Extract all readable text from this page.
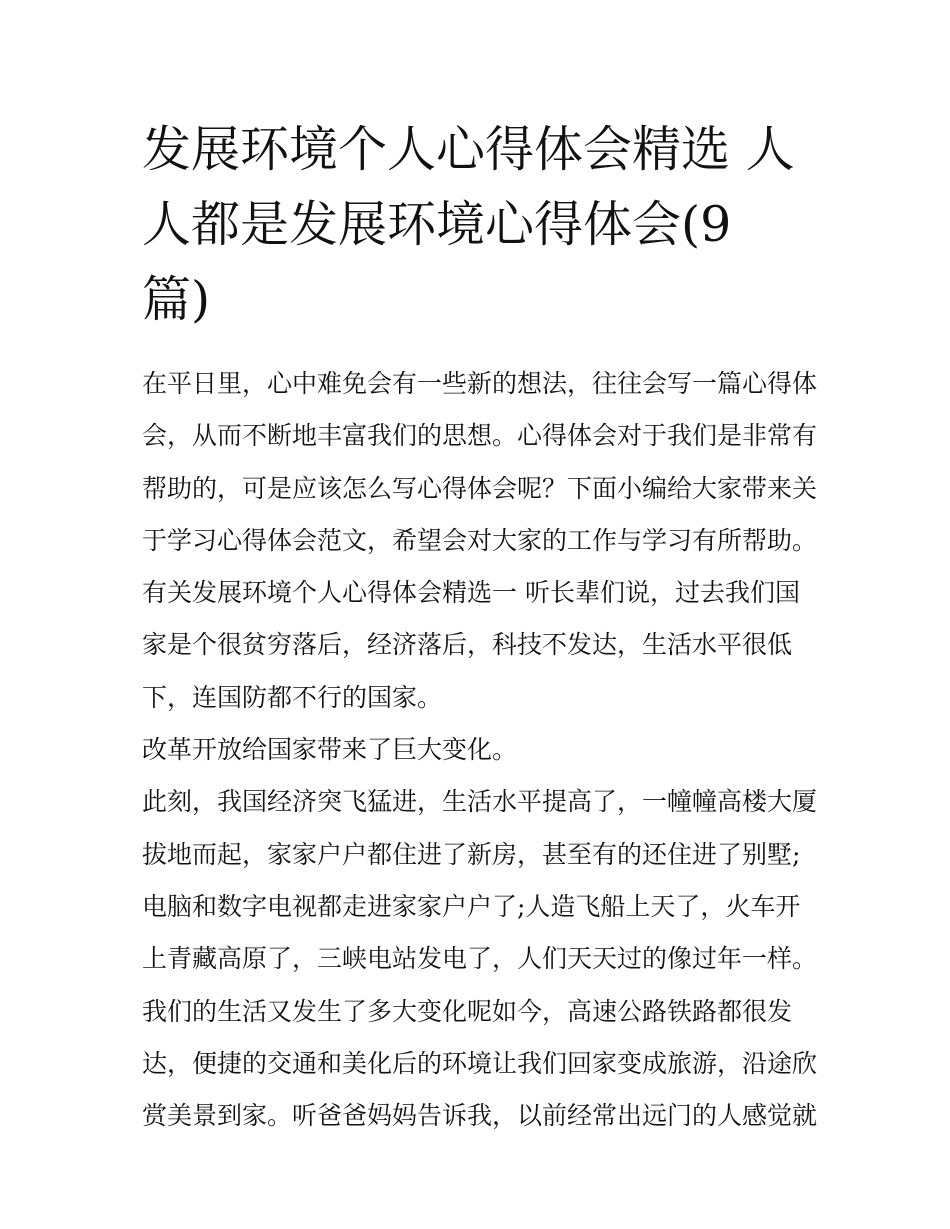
发展环境个人心得体会精选 人
人都是发展环境心得体会(9
篇)
在平日里，心中难免会有一些新的想法，往往会写一篇心得体
会，从而不断地丰富我们的思想。心得体会对于我们是非常有
帮助的，可是应该怎么写心得体会呢？下面小编给大家带来关
于学习心得体会范文，希望会对大家的工作与学习有所帮助。
有关发展环境个人心得体会精选一 听长辈们说，过去我们国
家是个很贫穷落后，经济落后，科技不发达，生活水平很低
下，连国防都不行的国家。
改革开放给国家带来了巨大变化。
此刻，我国经济突飞猛进，生活水平提高了，一幢幢高楼大厦
拔地而起，家家户户都住进了新房，甚至有的还住进了别墅;
电脑和数字电视都走进家家户户了;人造飞船上天了，火车开
上青藏高原了，三峡电站发电了，人们天天过的像过年一样。
我们的生活又发生了多大变化呢如今，高速公路铁路都很发
达，便捷的交通和美化后的环境让我们回家变成旅游，沿途欣
赏美景到家。听爸爸妈妈告诉我，以前经常出远门的人感觉就
